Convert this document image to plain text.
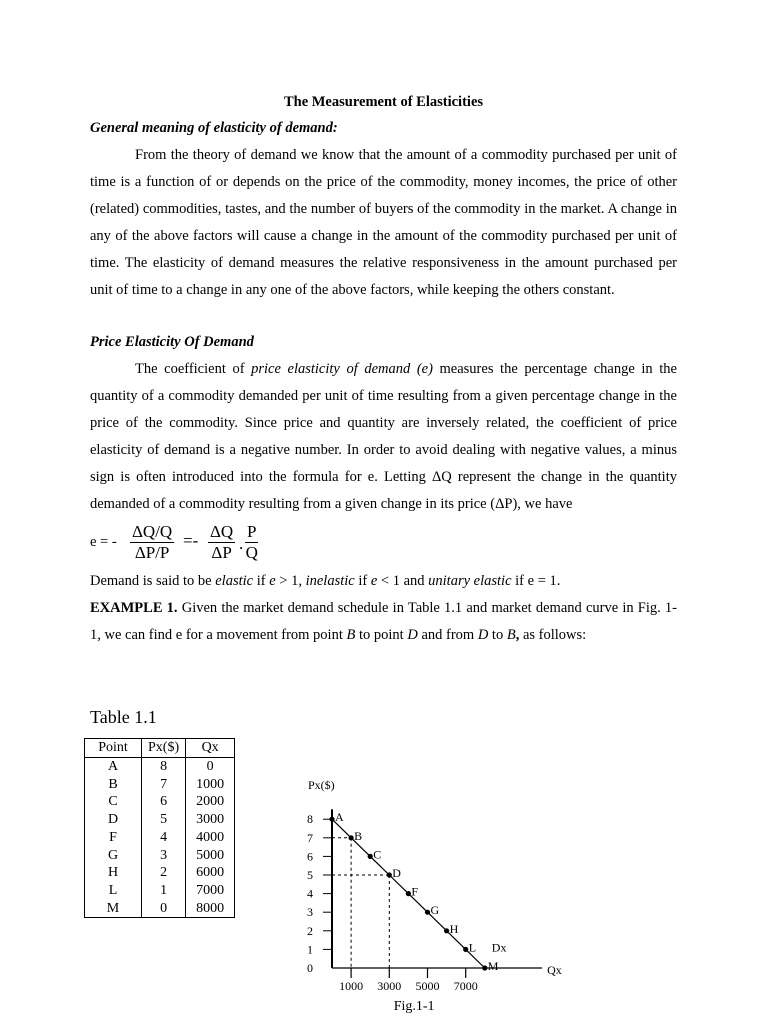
The Measurement of Elasticities
General meaning of elasticity of demand:
From the theory of demand we know that the amount of a commodity purchased per unit of time is a function of or depends on the price of the commodity, money incomes, the price of other (related) commodities, tastes, and the number of buyers of the commodity in the market. A change in any of the above factors will cause a change in the amount of the commodity purchased per unit of time. The elasticity of demand measures the relative responsiveness in the amount purchased per unit of time to a change in any one of the above factors, while keeping the others constant.
Price Elasticity Of Demand
The coefficient of price elasticity of demand (e) measures the percentage change in the quantity of a commodity demanded per unit of time resulting from a given percentage change in the price of the commodity. Since price and quantity are inversely related, the coefficient of price elasticity of demand is a negative number. In order to avoid dealing with negative values, a minus sign is often introduced into the formula for e. Letting ΔQ represent the change in the quantity demanded of a commodity resulting from a given change in its price (ΔP), we have
e = - $\frac{\Delta Q/Q}{\Delta P/P} =- \frac{\Delta Q}{\Delta P}$ . $\frac{P}{Q}$
Demand is said to be elastic if e > 1, inelastic if e < 1 and unitary elastic if e = 1.
EXAMPLE 1. Given the market demand schedule in Table 1.1 and market demand curve in Fig. 1-1, we can find e for a movement from point B to point D and from D to B, as follows:
Table 1.1
Point	Px($)	Qx
A	8	0
B	7	1000
C	6	2000
D	5	3000
F	4	4000
G	3	5000
H	2	6000
L	1	7000
M	0	8000
0
1
2
3
4
5
6
7
8
1000 3000 5000 7000
A
B
C
D
F
G
H
L
M
Px($)
Qx
Dx
Fig.1-1
